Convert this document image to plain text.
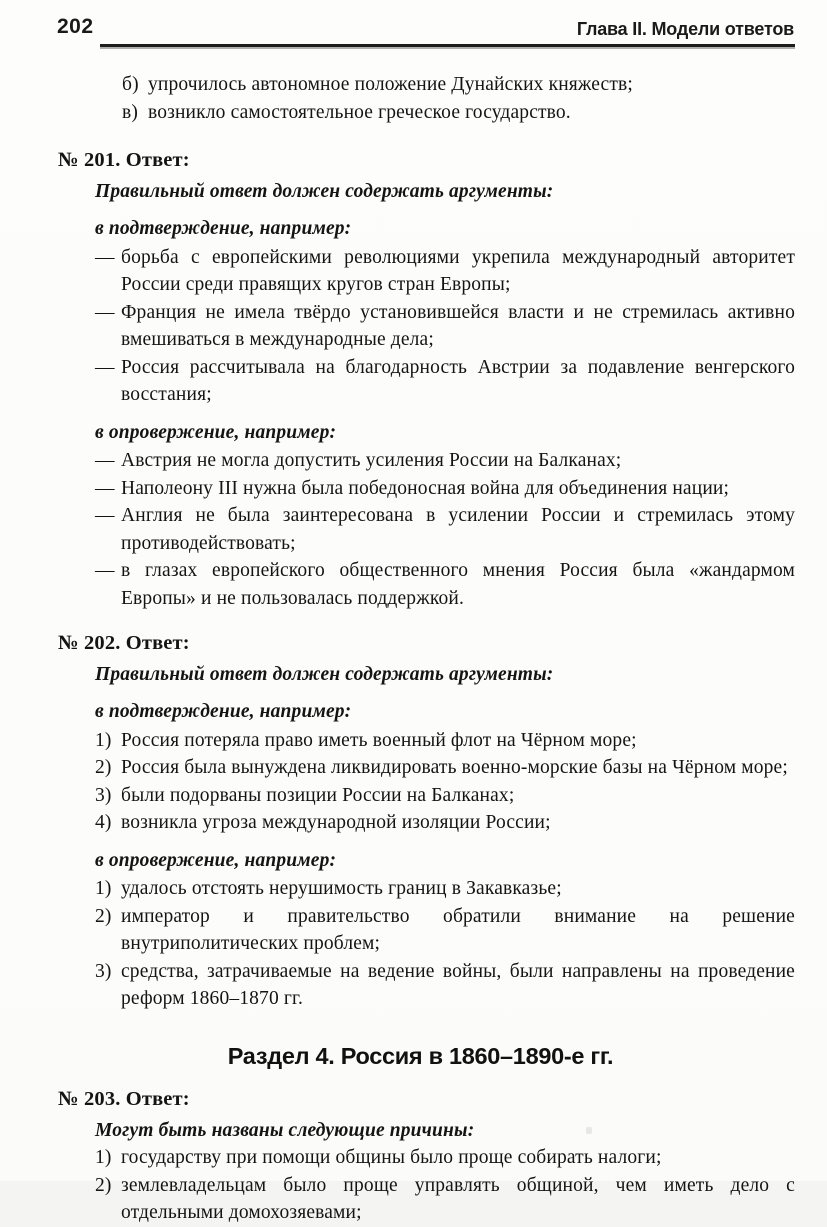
202	Глава II. Модели ответов
б) упрочилось автономное положение Дунайских княжеств;
в) возникло самостоятельное греческое государство.
№ 201. Ответ:

Правильный ответ должен содержать аргументы:

в подтверждение, например:

— борьба с европейскими революциями укрепила международный авторитет России среди правящих кругов стран Европы;
— Франция не имела твёрдо установившейся власти и не стремилась активно вмешиваться в международные дела;
— Россия рассчитывала на благодарность Австрии за подавление венгерского восстания;

в опровержение, например:

— Австрия не могла допустить усиления России на Балканах;
— Наполеону III нужна была победоносная война для объединения нации;
— Англия не была заинтересована в усилении России и стремилась этому противодействовать;
— в глазах европейского общественного мнения Россия была «жандармом Европы» и не пользовалась поддержкой.
№ 202. Ответ:

Правильный ответ должен содержать аргументы:

в подтверждение, например:

1) Россия потеряла право иметь военный флот на Чёрном море;
2) Россия была вынуждена ликвидировать военно-морские базы на Чёрном море;
3) были подорваны позиции России на Балканах;
4) возникла угроза международной изоляции России;

в опровержение, например:

1) удалось отстоять нерушимость границ в Закавказье;
2) император и правительство обратили внимание на решение внутриполитических проблем;
3) средства, затрачиваемые на ведение войны, были направлены на проведение реформ 1860–1870 гг.
Раздел 4. Россия в 1860–1890-е гг.
№ 203. Ответ:

Могут быть названы следующие причины:

1) государству при помощи общины было проще собирать налоги;
2) землевладельцам было проще управлять общиной, чем иметь дело с отдельными домохозяевами;
